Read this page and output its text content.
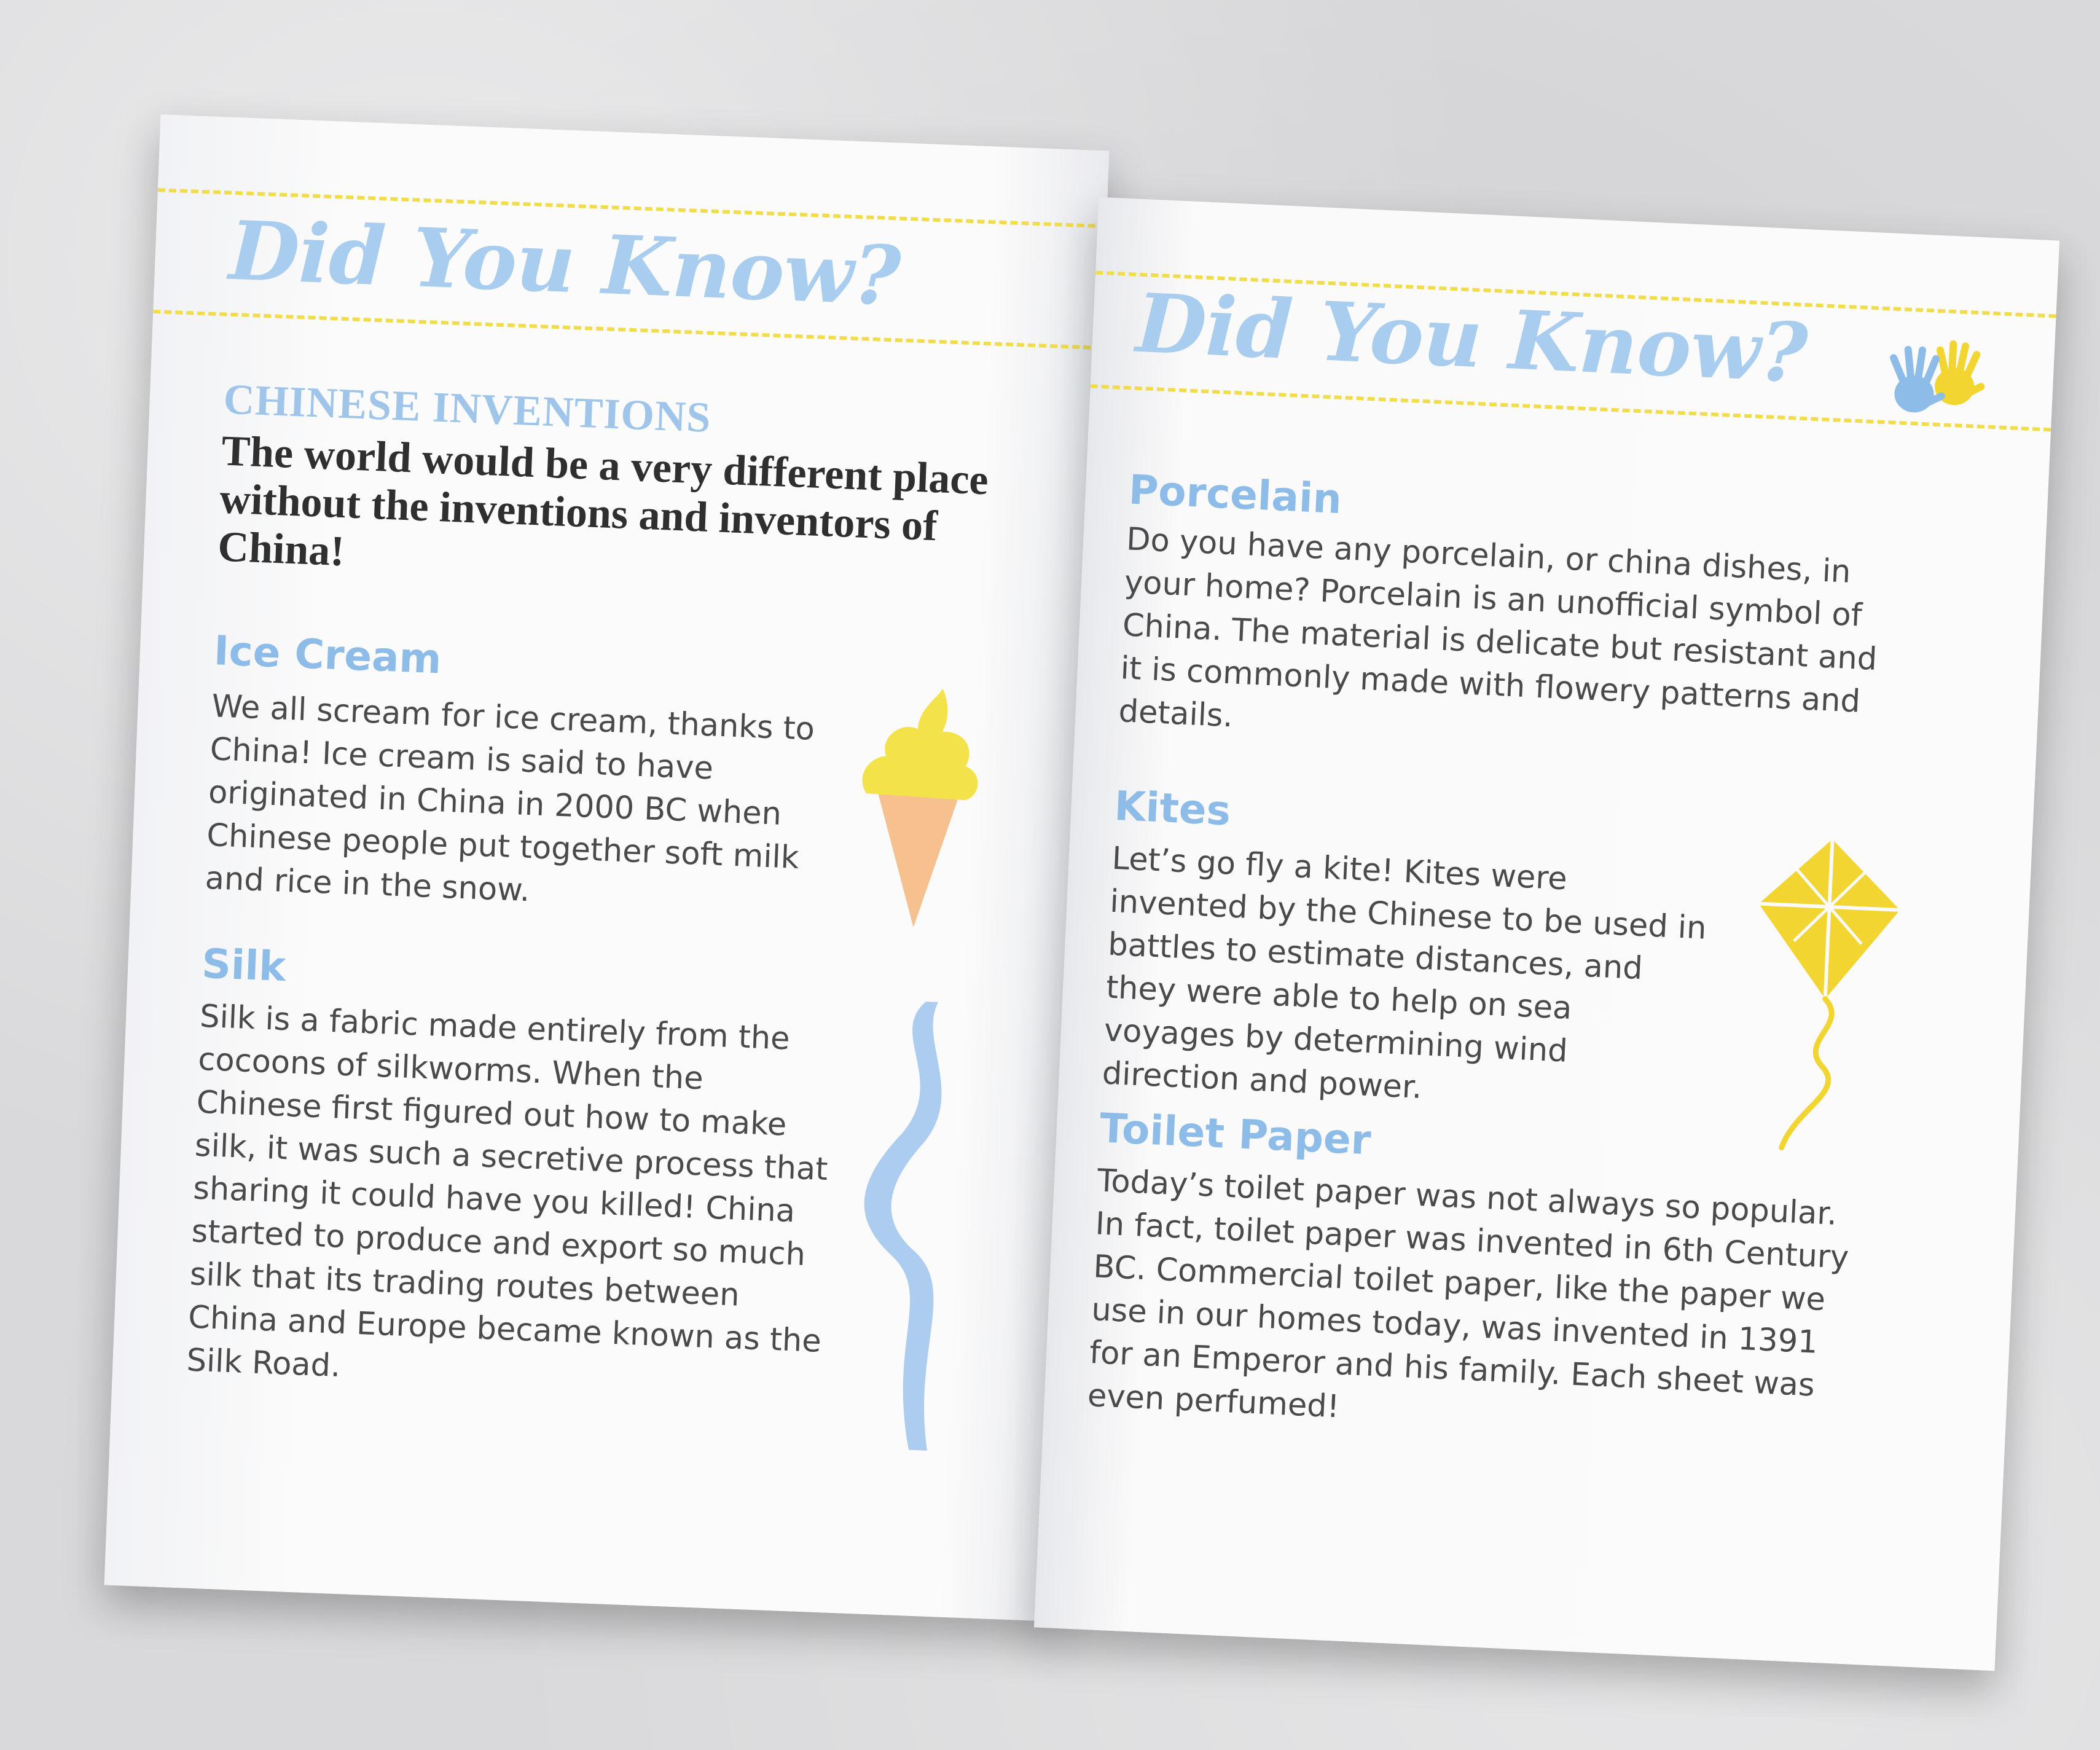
Did You Know?
CHINESE INVENTIONS

The world would be a very different place without the inventions and inventors of China!

Ice Cream

We all scream for ice cream, thanks to China! Ice cream is said to have originated in China in 2000 BC when Chinese people put together soft milk and rice in the snow.

Silk

Silk is a fabric made entirely from the cocoons of silkworms. When the Chinese first figured out how to make silk, it was such a secretive process that sharing it could have you killed! China started to produce and export so much silk that its trading routes between China and Europe became known as the Silk Road.

Did You Know?
Porcelain

Do you have any porcelain, or china dishes, in your home? Porcelain is an unofficial symbol of China. The material is delicate but resistant and it is commonly made with flowery patterns and details.

Kites

Let’s go fly a kite! Kites were invented by the Chinese to be used in battles to estimate distances, and they were able to help on sea voyages by determining wind direction and power.

Toilet Paper

Today’s toilet paper was not always so popular. In fact, toilet paper was invented in 6th Century BC. Commercial toilet paper, like the paper we use in our homes today, was invented in 1391 for an Emperor and his family. Each sheet was even perfumed!
